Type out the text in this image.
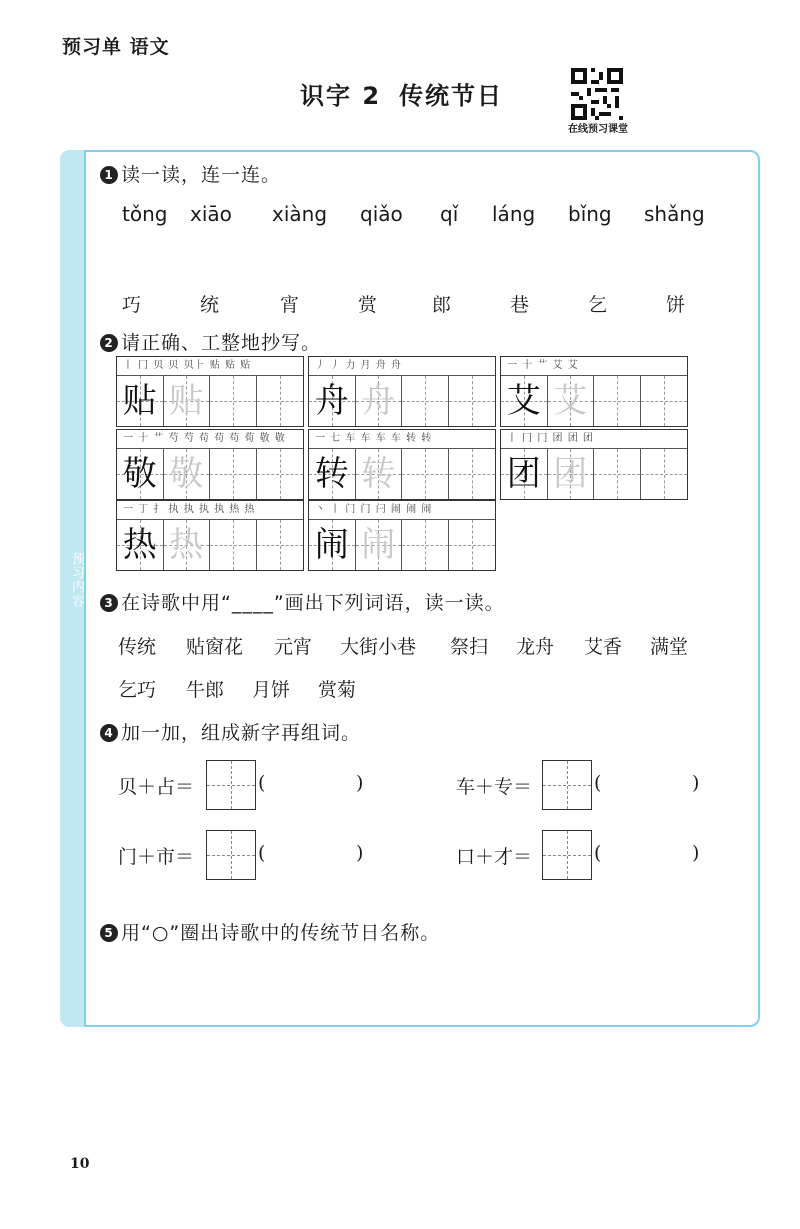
预习单 语文
识字 2 传统节日
在线预习课堂
预习内容
1 读一读，连一连。
tǒng xiāo xiàng qiǎo qǐ láng bǐng shǎng
巧	统	宵	赏	郎	巷	乞	饼
2 请正确、工整地抄写。
丨 冂 贝 贝 贝⺊ 贴 贴 贴
贴 贴
丿 丿 力 月 舟 舟
舟 舟
一 十 艹 艾 艾
艾 艾
一 十 艹 芍 芍 苟 苟 苟 荀 敬 敬
敬 敬
一 七 车 车 车 车 转 转
转 转
丨 冂 冂 团 团 团
团 团
一 丁 扌 执 执 执 执 热 热
热 热
丶 丨 门 门 闩 闹 闹 闹
闹 闹
3 在诗歌中用“____”画出下列词语，读一读。
传统 贴窗花 元宵 大街小巷 祭扫 龙舟 艾香 满堂
乞巧 牛郎 月饼 赏菊
4 加一加，组成新字再组词。
贝＋占＝	(	)	车＋专＝	(	)
门＋市＝	(	)	口＋才＝	(	)
5 用“○”圈出诗歌中的传统节日名称。
10
